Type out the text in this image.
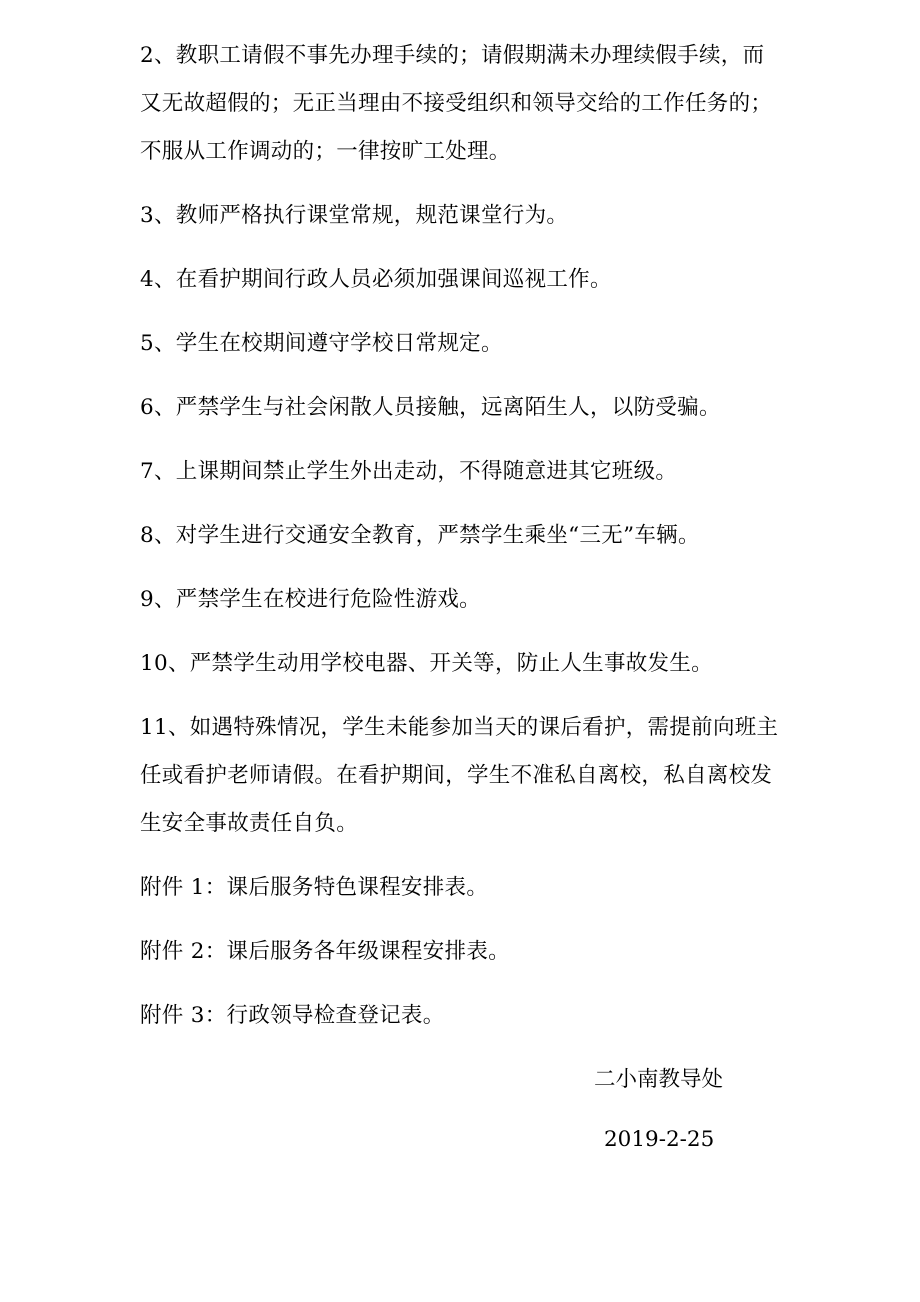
2、教职工请假不事先办理手续的；请假期满未办理续假手续，而又无故超假的；无正当理由不接受组织和领导交给的工作任务的；不服从工作调动的；一律按旷工处理。

3、教师严格执行课堂常规，规范课堂行为。

4、在看护期间行政人员必须加强课间巡视工作。

5、学生在校期间遵守学校日常规定。

6、严禁学生与社会闲散人员接触，远离陌生人，以防受骗。

7、上课期间禁止学生外出走动，不得随意进其它班级。

8、对学生进行交通安全教育，严禁学生乘坐“三无”车辆。

9、严禁学生在校进行危险性游戏。

10、严禁学生动用学校电器、开关等，防止人生事故发生。

11、如遇特殊情况，学生未能参加当天的课后看护，需提前向班主任或看护老师请假。在看护期间，学生不准私自离校，私自离校发生安全事故责任自负。

附件 1：课后服务特色课程安排表。

附件 2：课后服务各年级课程安排表。

附件 3：行政领导检查登记表。

二小南教导处

2019-2-25
